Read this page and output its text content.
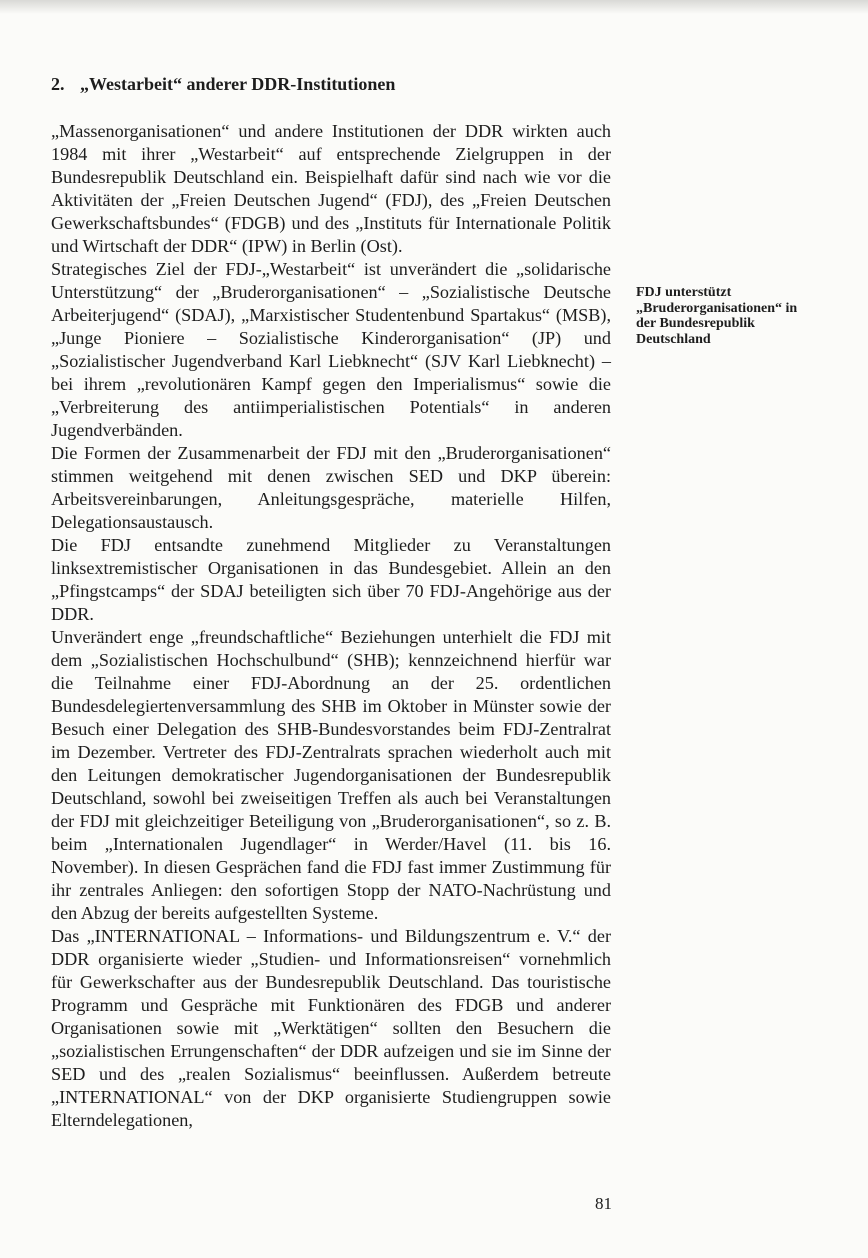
2. „Westarbeit“ anderer DDR-Institutionen

„Massenorganisationen“ und andere Institutionen der DDR wirkten auch 1984 mit ihrer „Westarbeit“ auf entsprechende Zielgruppen in der Bundesrepublik Deutschland ein. Beispielhaft dafür sind nach wie vor die Aktivitäten der „Freien Deutschen Jugend“ (FDJ), des „Freien Deutschen Gewerkschaftsbundes“ (FDGB) und des „Instituts für Internationale Politik und Wirtschaft der DDR“ (IPW) in Berlin (Ost).

Strategisches Ziel der FDJ-„Westarbeit“ ist unverändert die „solidarische Unterstützung“ der „Bruderorganisationen“ – „Sozialistische Deutsche Arbeiterjugend“ (SDAJ), „Marxistischer Studentenbund Spartakus“ (MSB), „Junge Pioniere – Sozialistische Kinderorganisation“ (JP) und „Sozialistischer Jugendverband Karl Liebknecht“ (SJV Karl Liebknecht) – bei ihrem „revolutionären Kampf gegen den Imperialismus“ sowie die „Verbreiterung des antiimperialistischen Potentials“ in anderen Jugendverbänden.

Die Formen der Zusammenarbeit der FDJ mit den „Bruderorganisationen“ stimmen weitgehend mit denen zwischen SED und DKP überein: Arbeitsvereinbarungen, Anleitungsgespräche, materielle Hilfen, Delegationsaustausch.

Die FDJ entsandte zunehmend Mitglieder zu Veranstaltungen linksextremistischer Organisationen in das Bundesgebiet. Allein an den „Pfingstcamps“ der SDAJ beteiligten sich über 70 FDJ-Angehörige aus der DDR.

Unverändert enge „freundschaftliche“ Beziehungen unterhielt die FDJ mit dem „Sozialistischen Hochschulbund“ (SHB); kennzeichnend hierfür war die Teilnahme einer FDJ-Abordnung an der 25. ordentlichen Bundesdelegiertenversammlung des SHB im Oktober in Münster sowie der Besuch einer Delegation des SHB-Bundesvorstandes beim FDJ-Zentralrat im Dezember. Vertreter des FDJ-Zentralrats sprachen wiederholt auch mit den Leitungen demokratischer Jugendorganisationen der Bundesrepublik Deutschland, sowohl bei zweiseitigen Treffen als auch bei Veranstaltungen der FDJ mit gleichzeitiger Beteiligung von „Bruderorganisationen“, so z. B. beim „Internationalen Jugendlager“ in Werder/Havel (11. bis 16. November). In diesen Gesprächen fand die FDJ fast immer Zustimmung für ihr zentrales Anliegen: den sofortigen Stopp der NATO-Nachrüstung und den Abzug der bereits aufgestellten Systeme.

Das „INTERNATIONAL – Informations- und Bildungszentrum e. V.“ der DDR organisierte wieder „Studien- und Informationsreisen“ vornehmlich für Gewerkschafter aus der Bundesrepublik Deutschland. Das touristische Programm und Gespräche mit Funktionären des FDGB und anderer Organisationen sowie mit „Werktätigen“ sollten den Besuchern die „sozialistischen Errungenschaften“ der DDR aufzeigen und sie im Sinne der SED und des „realen Sozialismus“ beeinflussen. Außerdem betreute „INTERNATIONAL“ von der DKP organisierte Studiengruppen sowie Elterndelegationen,

FDJ unterstützt „Bruderorganisationen“ in der Bundesrepublik Deutschland

81
